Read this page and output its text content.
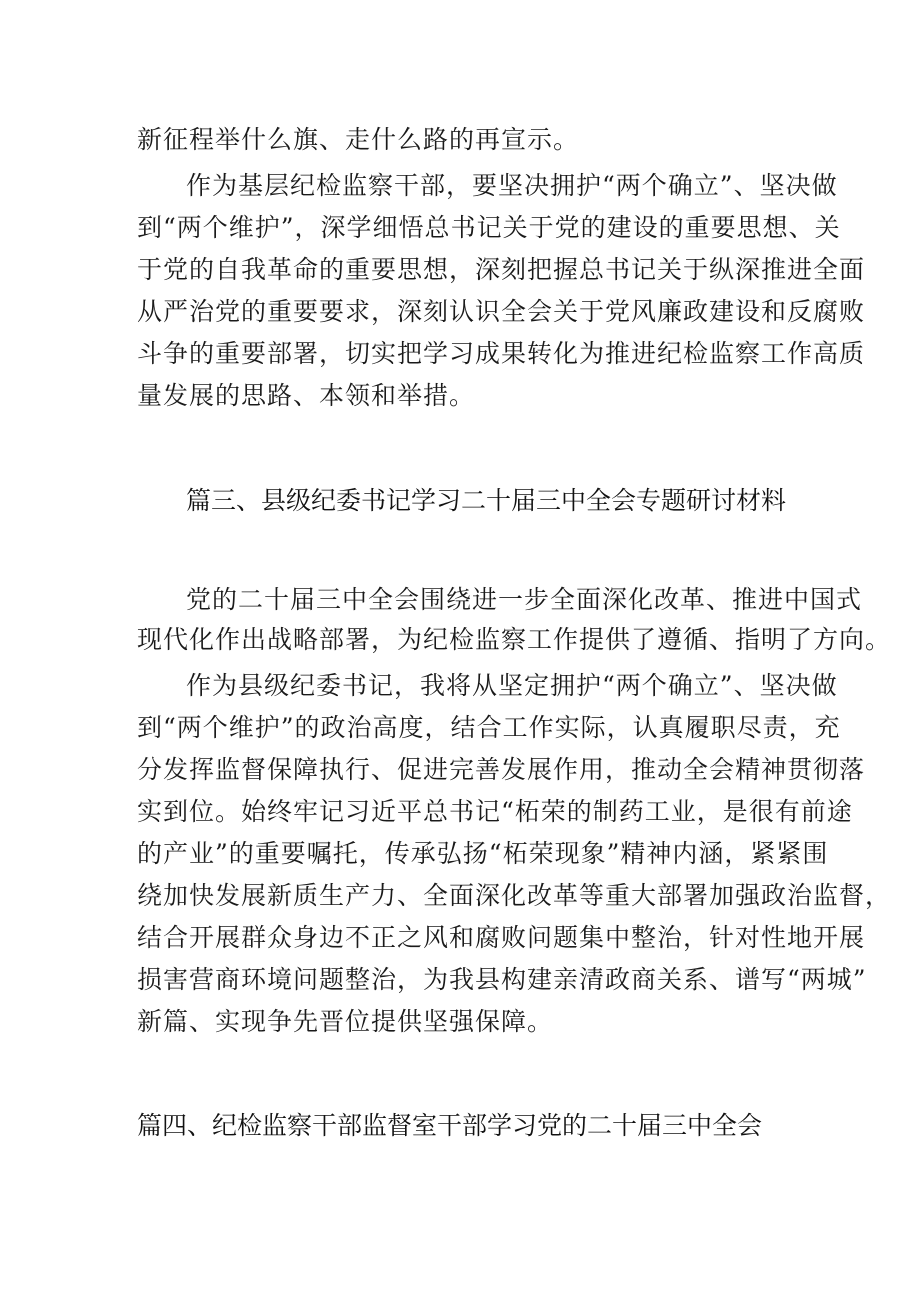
新征程举什么旗、走什么路的再宣示。
作为基层纪检监察干部，要坚决拥护“两个确立”、坚决做
到“两个维护”，深学细悟总书记关于党的建设的重要思想、关
于党的自我革命的重要思想，深刻把握总书记关于纵深推进全面
从严治党的重要要求，深刻认识全会关于党风廉政建设和反腐败
斗争的重要部署，切实把学习成果转化为推进纪检监察工作高质
量发展的思路、本领和举措。
篇三、县级纪委书记学习二十届三中全会专题研讨材料
党的二十届三中全会围绕进一步全面深化改革、推进中国式
现代化作出战略部署，为纪检监察工作提供了遵循、指明了方向。
作为县级纪委书记，我将从坚定拥护“两个确立”、坚决做
到“两个维护”的政治高度，结合工作实际，认真履职尽责，充
分发挥监督保障执行、促进完善发展作用，推动全会精神贯彻落
实到位。始终牢记习近平总书记“柘荣的制药工业，是很有前途
的产业”的重要嘱托，传承弘扬“柘荣现象”精神内涵，紧紧围
绕加快发展新质生产力、全面深化改革等重大部署加强政治监督，
结合开展群众身边不正之风和腐败问题集中整治，针对性地开展
损害营商环境问题整治，为我县构建亲清政商关系、谱写“两城”
新篇、实现争先晋位提供坚强保障。
篇四、纪检监察干部监督室干部学习党的二十届三中全会
